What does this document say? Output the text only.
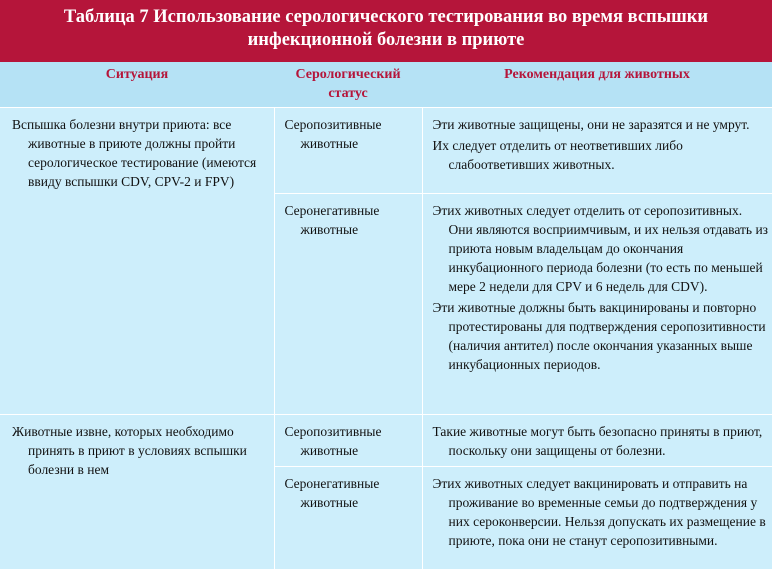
Таблица 7 Использование серологического тестирования во время вспышки
инфекционной болезни в приюте
Ситуация	Серологический статус	Рекомендация для животных

Вспышка болезни внутри приюта: все животные в приюте должны пройти серологическое тестирование (имеются ввиду вспышки CDV, CPV-2 и FPV)	Серопозитивные животные	Эти животные защищены, они не заразятся и не умрут.

Их следует отделить от неответивших либо слабоответивших животных.

	Серонегативные животные	Этих животных следует отделить от серопозитивных. Они являются восприимчивым, и их нельзя отдавать из приюта новым владельцам до окончания инкубационного периода болезни (то есть по меньшей мере 2 недели для CPV и 6 недель для CDV).

Эти животные должны быть вакцинированы и повторно протестированы для подтверждения серопозитивности (наличия антител) после окончания указанных выше инкубационных периодов.

Животные извне, которых необходимо принять в приют в условиях вспышки болезни в нем	Серопозитивные животные	Такие животные могут быть безопасно приняты в приют, поскольку они защищены от болезни.

	Серонегативные животные	Этих животных следует вакцинировать и отправить на проживание во временные семьи до подтверждения у них сероконверсии. Нельзя допускать их размещение в приюте, пока они не станут серопозитивными.
